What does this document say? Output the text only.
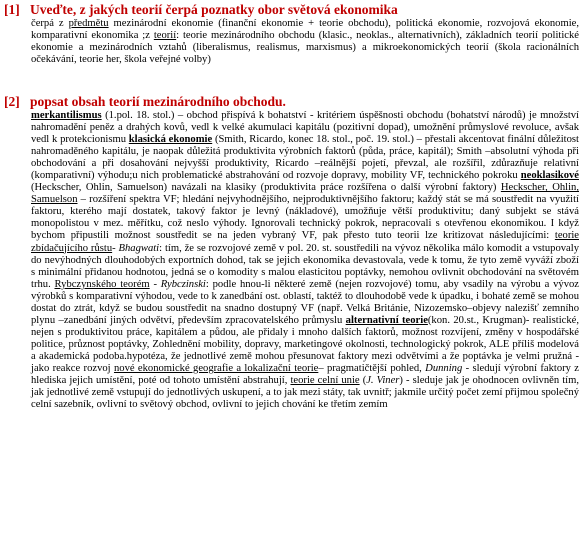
[1] Uveďte, z jakých teorií čerpá poznatky obor světová ekonomika

čerpá z předmětu mezinárodní ekonomie (finanční ekonomie + teorie obchodu), politická ekonomie, rozvojová ekonomie, komparativní ekonomika ;z teorií: teorie mezinárodního obchodu (klasic., neoklas., alternativních), základních teorií politické ekonomie a mezinárodních vztahů (liberalismus, realismus, marxismus) a mikroekonomických teorií (škola racionálních očekávání, teorie her, škola veřejné volby)

[2] popsat obsah teorií mezinárodního obchodu.

merkantilismus (1.pol. 18. stol.) – obchod přispívá k bohatství - kritériem úspěšnosti obchodu (bohatství národů) je množství nahromadění peněz a drahých kovů, vedl k velké akumulaci kapitálu (pozitivní dopad), umožnění průmyslové revoluce, avšak vedl k protekcionismu klasická ekonomie (Smith, Ricardo, konec 18. stol., poč. 19. stol.) – přestali akcentovat finální důležitost nahromaděného kapitálu, je naopak důležitá produktivita výrobních faktorů (půda, práce, kapitál); Smith –absolutní výhoda při obchodování a při dosahování nejvyšší produktivity, Ricardo –reálnější pojetí, převzal, ale rozšířil, zdůrazňuje relativní (komparativní) výhodu;u nich problematické abstrahování od rozvoje dopravy, mobility VF, technického pokroku neoklasikové (Heckscher, Ohlin, Samuelson) navázali na klasiky (produktivita práce rozšířena o další výrobní faktory) Heckscher, Ohlin, Samuelson – rozšíření spektra VF; hledání nejvyhodnějšího, nejproduktivnějšího faktoru; každý stát se má soustředit na využití faktoru, kterého mají dostatek, takový faktor je levný (nákladové), umožňuje větší produktivitu; daný subjekt se stává monopolistou v mez. měřítku, což neslo výhody. Ignorovali technický pokrok, nepracovali s otevřenou ekonomikou. I když bychom připustili možnost soustředit se na jeden vybraný VF, pak přesto tuto teorii lze kritizovat následujícími: teorie zbídačujícího růstu- Bhagwati: tím, že se rozvojové země v pol. 20. st. soustředili na vývoz několika málo komodit a vstupovaly do nevýhodných dlouhodobých exportních dohod, tak se jejich ekonomika devastovala, vede k tomu, že tyto země vyváží zboží s minimální přidanou hodnotou, jedná se o komodity s malou elasticitou poptávky, nemohou ovlivnit obchodování na světovém trhu. Rybczynského teorém - Rybczinski: podle hnou-li některé země (nejen rozvojové) tomu, aby vsadily na výrobu a vývoz výrobků s komparativní výhodou, vede to k zanedbání ost. oblastí, taktéž to dlouhodobě vede k úpadku, i bohaté země se mohou dostat do ztrát, když se budou soustředit na snadno dostupný VF (např. Velká Británie, Nizozemsko–objevy nalezišť zemního plynu –zanedbání jiných odvětví, především zpracovatelského průmyslu alternativní teorie(kon. 20.st., Krugman)- realistické, nejen s produktivitou práce, kapitálem a půdou, ale přidaly i mnoho dalších faktorů, možnost rozvíjení, změny v hospodářské politice, průznost poptávky, Zohlednění mobility, dopravy, marketingové okolnosti, technologický pokrok, ALE příliš modelová a akademická podoba.hypotéza, že jednotlivé země mohou přesunovat faktory mezi odvětvími a že poptávka je velmi pružná - jako reakce rozvoj nové ekonomické geografie a lokalizační teorie– pragmatičtější pohled, Dunning - sledují výrobní faktory z hlediska jejich umístění, poté od tohoto umístění abstrahují, teorie celní unie (J. Viner) - sleduje jak je ohodnocen ovlivněn tím, jak jednotlivé země vstupují do jednotlivých uskupení, a to jak mezi státy, tak uvnitř; jakmile určitý počet zemí přijmou společný celní sazebník, ovlivní to světový obchod, ovlivní to jejich chování ke třetím zemím
